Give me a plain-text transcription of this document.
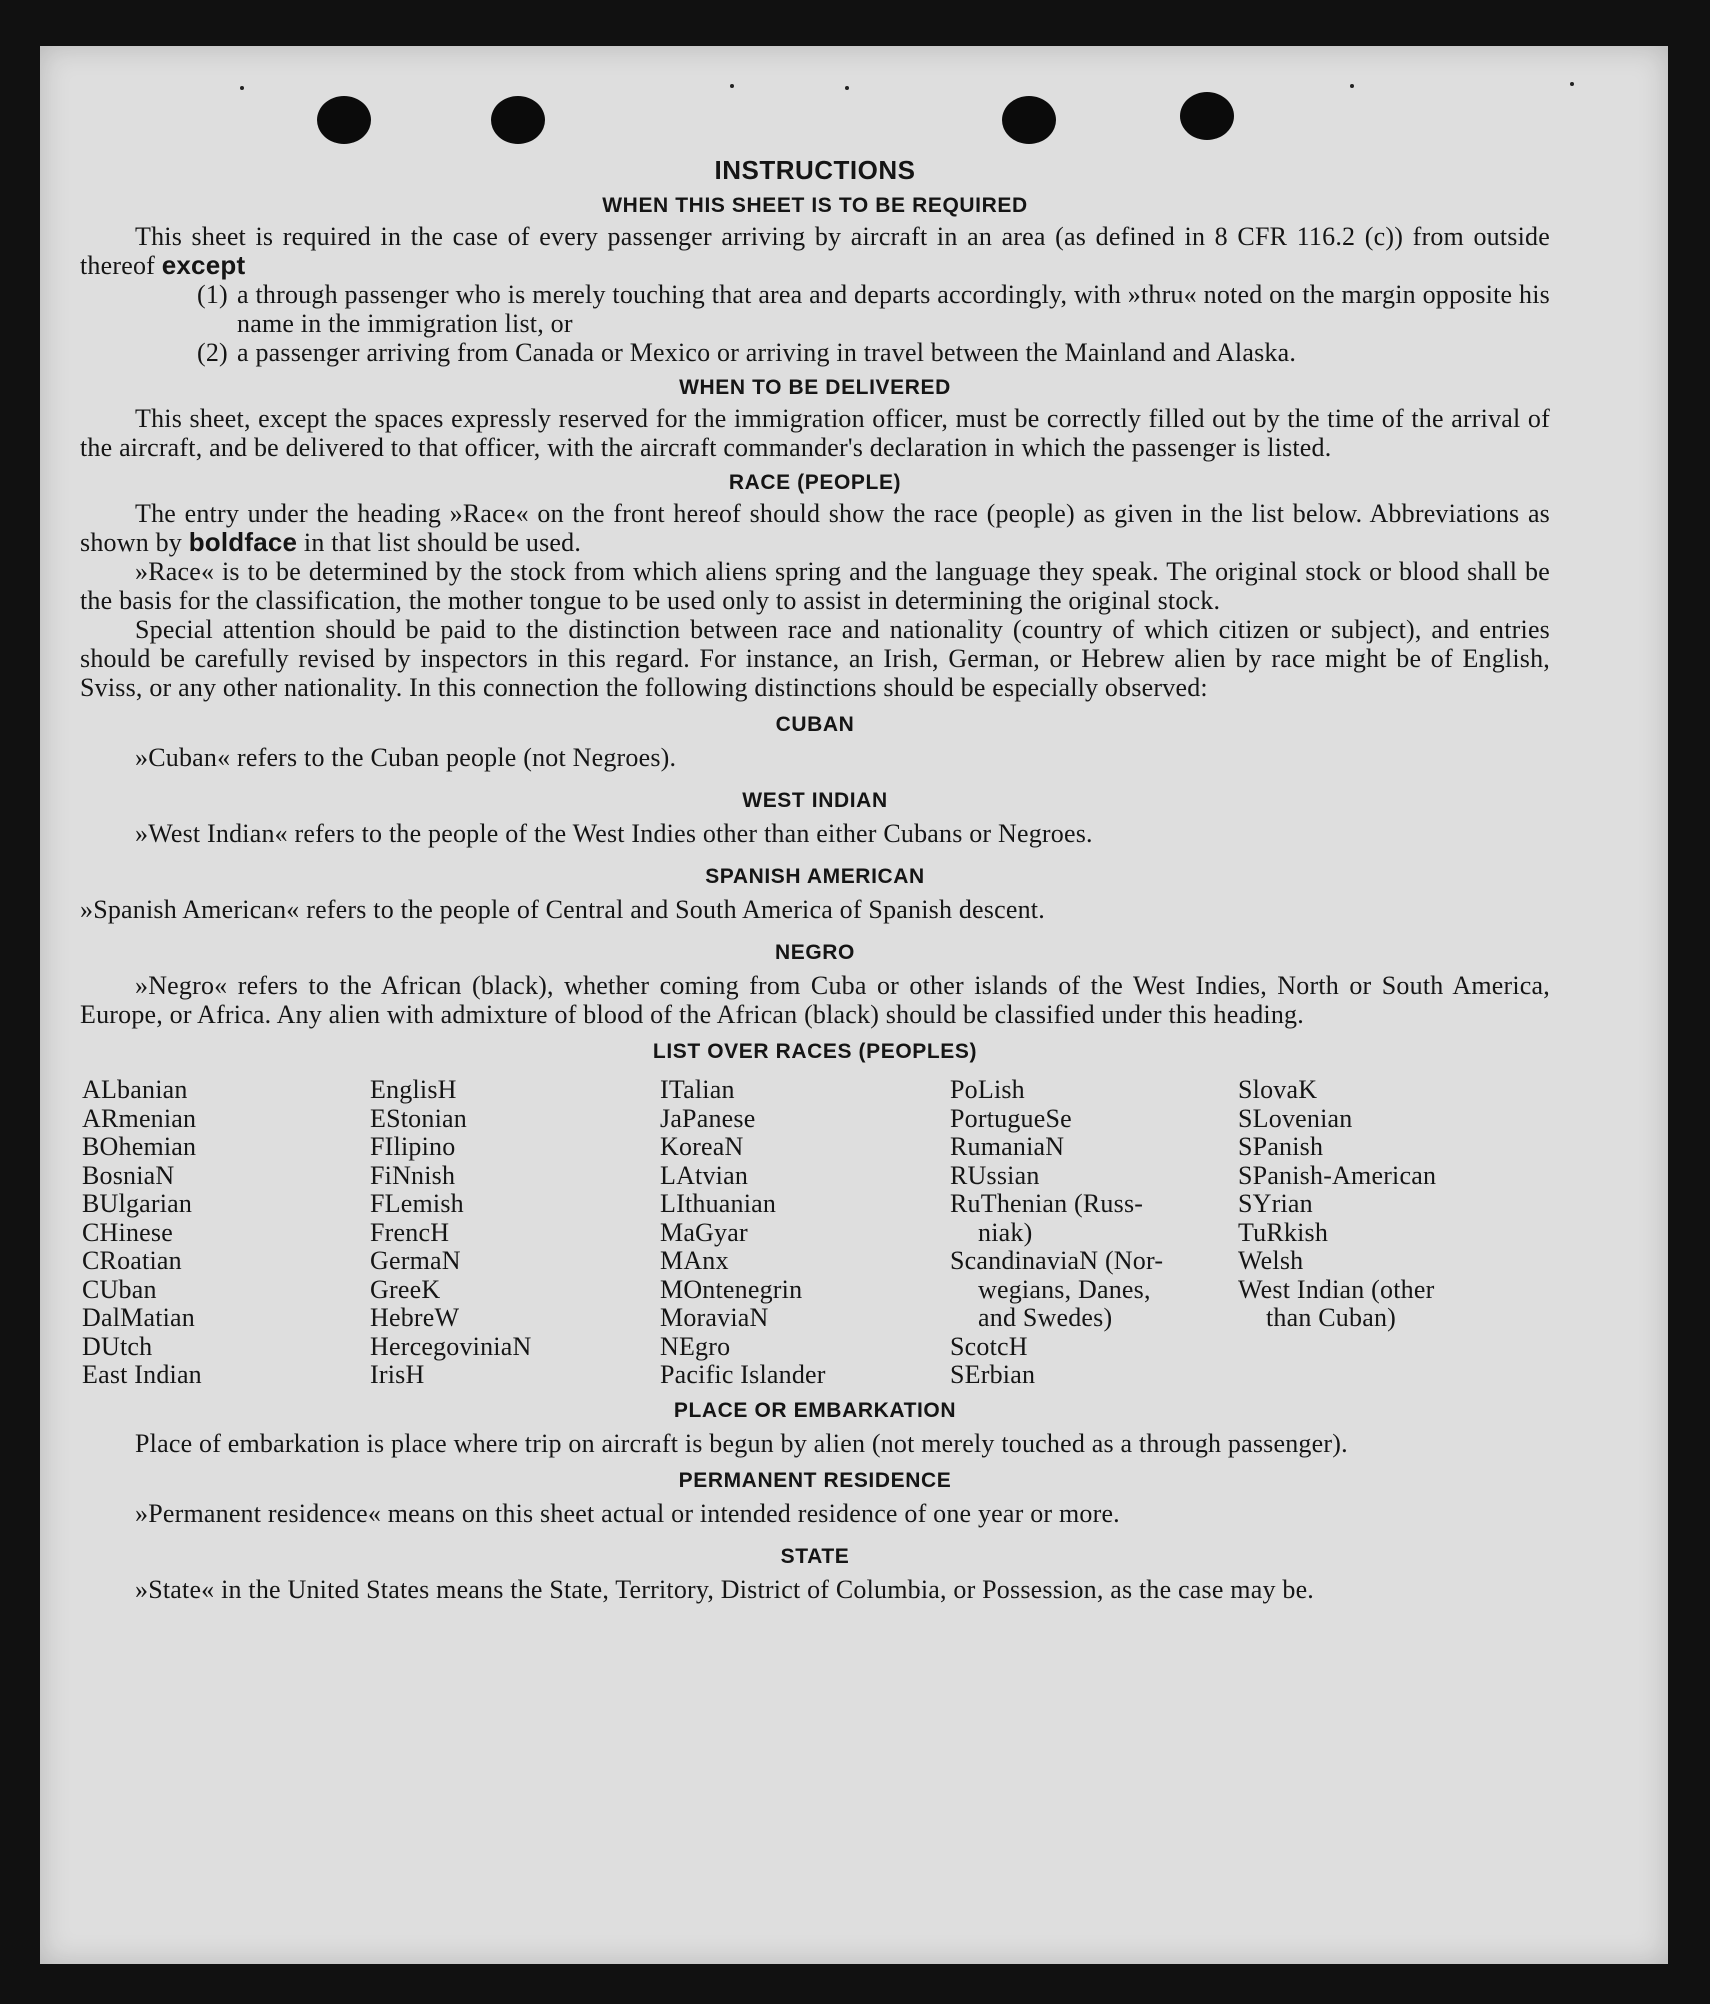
INSTRUCTIONS
WHEN THIS SHEET IS TO BE REQUIRED

This sheet is required in the case of every passenger arriving by aircraft in an area (as defined in 8 CFR 116.2 (c)) from outside thereof except

(1) a through passenger who is merely touching that area and departs accordingly, with »thru« noted on the margin opposite his name in the immigration list, or
(2) a passenger arriving from Canada or Mexico or arriving in travel between the Mainland and Alaska.
WHEN TO BE DELIVERED

This sheet, except the spaces expressly reserved for the immigration officer, must be correctly filled out by the time of the arrival of the aircraft, and be delivered to that officer, with the aircraft commander's declaration in which the passenger is listed.

RACE (PEOPLE)

The entry under the heading »Race« on the front hereof should show the race (people) as given in the list below. Abbreviations as shown by boldface in that list should be used.

»Race« is to be determined by the stock from which aliens spring and the language they speak. The original stock or blood shall be the basis for the classification, the mother tongue to be used only to assist in determining the original stock.

Special attention should be paid to the distinction between race and nationality (country of which citizen or subject), and entries should be carefully revised by inspectors in this regard. For instance, an Irish, German, or Hebrew alien by race might be of English, Sviss, or any other nationality. In this connection the following distinctions should be especially observed:

CUBAN

»Cuban« refers to the Cuban people (not Negroes).

WEST INDIAN

»West Indian« refers to the people of the West Indies other than either Cubans or Negroes.

SPANISH AMERICAN

»Spanish American« refers to the people of Central and South America of Spanish descent.

NEGRO

»Negro« refers to the African (black), whether coming from Cuba or other islands of the West Indies, North or South America, Europe, or Africa. Any alien with admixture of blood of the African (black) should be classified under this heading.

LIST OVER RACES (PEOPLES)
ALbanian
ARmenian
BOhemian
BosniaN
BUlgarian
CHinese
CRoatian
CUban
DalMatian
DUtch
East Indian
EnglisH
EStonian
FIlipino
FiNnish
FLemish
FrencH
GermaN
GreeK
HebreW
HercegoviniaN
IrisH
ITalian
JaPanese
KoreaN
LAtvian
LIthuanian
MaGyar
MAnx
MOntenegrin
MoraviaN
NEgro
Pacific Islander
PoLish
PortugueSe
RumaniaN
RUssian
RuThenian (Russ-
niak)
ScandinaviaN (Nor-
wegians, Danes,
and Swedes)
ScotcH
SErbian
SlovaK
SLovenian
SPanish
SPanish-American
SYrian
TuRkish
Welsh
West Indian (other
than Cuban)
PLACE OR EMBARKATION

Place of embarkation is place where trip on aircraft is begun by alien (not merely touched as a through passenger).

PERMANENT RESIDENCE

»Permanent residence« means on this sheet actual or intended residence of one year or more.

STATE

»State« in the United States means the State, Territory, District of Columbia, or Possession, as the case may be.
